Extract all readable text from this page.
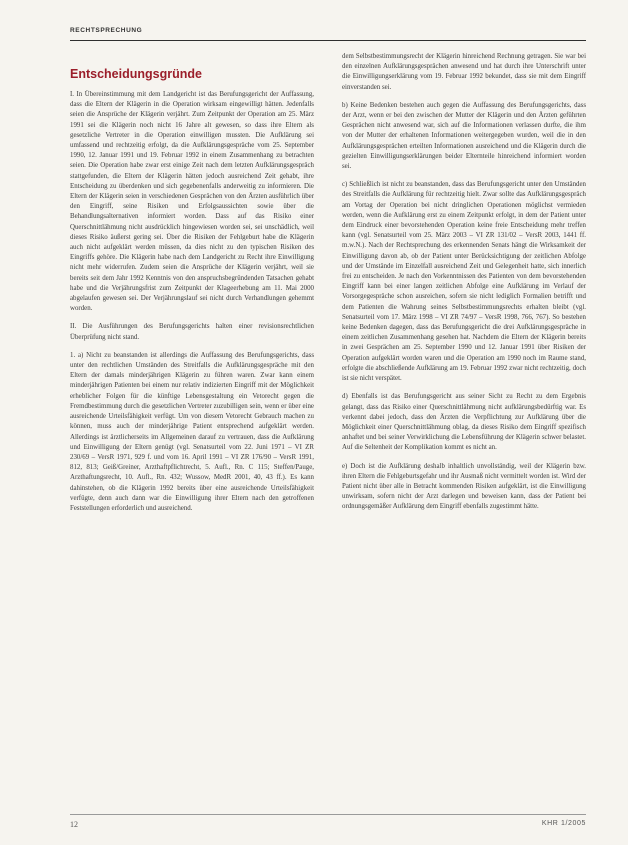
RECHTSPRECHUNG
Entscheidungsgründe

I. In Übereinstimmung mit dem Landgericht ist das Berufungsgericht der Auffassung, dass die Eltern der Klägerin in die Operation wirksam eingewilligt hätten. Jedenfalls seien die Ansprüche der Klägerin verjährt. Zum Zeitpunkt der Operation am 25. März 1991 sei die Klägerin noch nicht 16 Jahre alt gewesen, so dass ihre Eltern als gesetzliche Vertreter in die Operation einwilligen mussten. Die Aufklärung sei umfassend und rechtzeitig erfolgt, da die Aufklärungsgespräche vom 25. September 1990, 12. Januar 1991 und 19. Februar 1992 in einem Zusammenhang zu betrachten seien. Die Operation habe zwar erst einige Zeit nach dem letzten Aufklärungsgespräch stattgefunden, die Eltern der Klägerin hätten jedoch ausreichend Zeit gehabt, ihre Entscheidung zu überdenken und sich gegebenenfalls anderweitig zu informieren. Die Eltern der Klägerin seien in verschiedenen Gesprächen von den Ärzten ausführlich über den Eingriff, seine Risiken und Erfolgsaussichten sowie über die Behandlungsalternativen informiert worden. Dass auf das Risiko einer Querschnittlähmung nicht ausdrücklich hingewiesen worden sei, sei unschädlich, weil dieses Risiko äußerst gering sei. Über die Risiken der Fehlgeburt habe die Klägerin auch nicht aufgeklärt werden müssen, da dies nicht zu den typischen Risiken des Eingriffs gehöre. Die Klägerin habe nach dem Landgericht zu Recht ihre Einwilligung nicht mehr widerrufen. Zudem seien die Ansprüche der Klägerin verjährt, weil sie bereits seit dem Jahr 1992 Kenntnis von den anspruchsbegründenden Tatsachen gehabt habe und die Verjährungsfrist zum Zeitpunkt der Klageerhebung am 11. Mai 2000 abgelaufen gewesen sei. Der Verjährungslauf sei nicht durch Verhandlungen gehemmt worden.

II. Die Ausführungen des Berufungsgerichts halten einer revisionsrechtlichen Überprüfung nicht stand.

1. a) Nicht zu beanstanden ist allerdings die Auffassung des Berufungsgerichts, dass unter den rechtlichen Umständen des Streitfalls die Aufklärungsgespräche mit den Eltern der damals minderjährigen Klägerin zu führen waren. Zwar kann einem minderjährigen Patienten bei einem nur relativ indizierten Eingriff mit der Möglichkeit erheblicher Folgen für die künftige Lebensgestaltung ein Vetorecht gegen die Fremdbestimmung durch die gesetzlichen Vertreter zuzubilligen sein, wenn er über eine ausreichende Urteilsfähigkeit verfügt. Um von diesem Vetorecht Gebrauch machen zu können, muss auch der minderjährige Patient entsprechend aufgeklärt werden. Allerdings ist ärztlicherseits im Allgemeinen darauf zu vertrauen, dass die Aufklärung und Einwilligung der Eltern genügt (vgl. Senatsurteil vom 22. Juni 1971 – VI ZR 230/69 – VersR 1971, 929 f. und vom 16. April 1991 – VI ZR 176/90 – VersR 1991, 812, 813; Geiß/Greiner, Arzthaftpflichtrecht, 5. Aufl., Rn. C 115; Steffen/Pauge, Arzthaftungsrecht, 10. Aufl., Rn. 432; Wussow, MedR 2001, 40, 43 ff.). Es kann dahinstehen, ob die Klägerin 1992 bereits über eine ausreichende Urteilsfähigkeit verfügte, denn auch dann war die Einwilligung ihrer Eltern nach den getroffenen Feststellungen erforderlich und ausreichend.

dem Selbstbestimmungsrecht der Klägerin hinreichend Rechnung getragen. Sie war bei den einzelnen Aufklärungsgesprächen anwesend und hat durch ihre Unterschrift unter die Einwilligungserklärung vom 19. Februar 1992 bekundet, dass sie mit dem Eingriff einverstanden sei.

b) Keine Bedenken bestehen auch gegen die Auffassung des Berufungsgerichts, dass der Arzt, wenn er bei den zwischen der Mutter der Klägerin und den Ärzten geführten Gesprächen nicht anwesend war, sich auf die Informationen verlassen durfte, die ihm von der Mutter der erhaltenen Informationen weitergegeben wurden, weil die in den Aufklärungsgesprächen erteilten Informationen ausreichend und die Klägerin durch die gezielten Einwilligungserklärungen beider Elternteile hinreichend informiert worden sei.

c) Schließlich ist nicht zu beanstanden, dass das Berufungsgericht unter den Umständen des Streitfalls die Aufklärung für rechtzeitig hielt. Zwar sollte das Aufklärungsgespräch am Vortag der Operation bei nicht dringlichen Operationen möglichst vermieden werden, wenn die Aufklärung erst zu einem Zeitpunkt erfolgt, in dem der Patient unter dem Eindruck einer bevorstehenden Operation keine freie Entscheidung mehr treffen kann (vgl. Senatsurteil vom 25. März 2003 – VI ZR 131/02 – VersR 2003, 1441 ff. m.w.N.). Nach der Rechtsprechung des erkennenden Senats hängt die Wirksamkeit der Einwilligung davon ab, ob der Patient unter Berücksichtigung der zeitlichen Abfolge und der Umstände im Einzelfall ausreichend Zeit und Gelegenheit hatte, sich innerlich frei zu entscheiden. Je nach den Vorkenntnissen des Patienten von dem bevorstehenden Eingriff kann bei einer langen zeitlichen Abfolge eine Aufklärung im Verlauf der Vorsorgegespräche schon ausreichen, sofern sie nicht lediglich Formalien betrifft und dem Patienten die Wahrung seines Selbstbestimmungsrechts erhalten bleibt (vgl. Senatsurteil vom 17. März 1998 – VI ZR 74/97 – VersR 1998, 766, 767). So bestehen keine Bedenken dagegen, dass das Berufungsgericht die drei Aufklärungsgespräche in einem zeitlichen Zusammenhang gesehen hat. Nachdem die Eltern der Klägerin bereits in zwei Gesprächen am 25. September 1990 und 12. Januar 1991 über Risiken der Operation aufgeklärt worden waren und die Operation am 1990 noch im Raume stand, erfolgte die abschließende Aufklärung am 19. Februar 1992 zwar nicht rechtzeitig, doch ist sie nicht verspätet.

d) Ebenfalls ist das Berufungsgericht aus seiner Sicht zu Recht zu dem Ergebnis gelangt, dass das Risiko einer Querschnittlähmung nicht aufklärungsbedürftig war. Es verkennt dabei jedoch, dass den Ärzten die Verpflichtung zur Aufklärung über die Möglichkeit einer Querschnittlähmung oblag, da dieses Risiko dem Eingriff spezifisch anhaftet und bei seiner Verwirklichung die Lebensführung der Klägerin schwer belastet. Auf die Seltenheit der Komplikation kommt es nicht an.

e) Doch ist die Aufklärung deshalb inhaltlich unvollständig, weil der Klägerin bzw. ihren Eltern die Fehlgeburtsgefahr und ihr Ausmaß nicht vermittelt worden ist. Wird der Patient nicht über alle in Betracht kommenden Risiken aufgeklärt, ist die Einwilligung unwirksam, sofern nicht der Arzt darlegen und beweisen kann, dass der Patient bei ordnungsgemäßer Aufklärung dem Eingriff ebenfalls zugestimmt hätte.

12	KHR 1/2005
